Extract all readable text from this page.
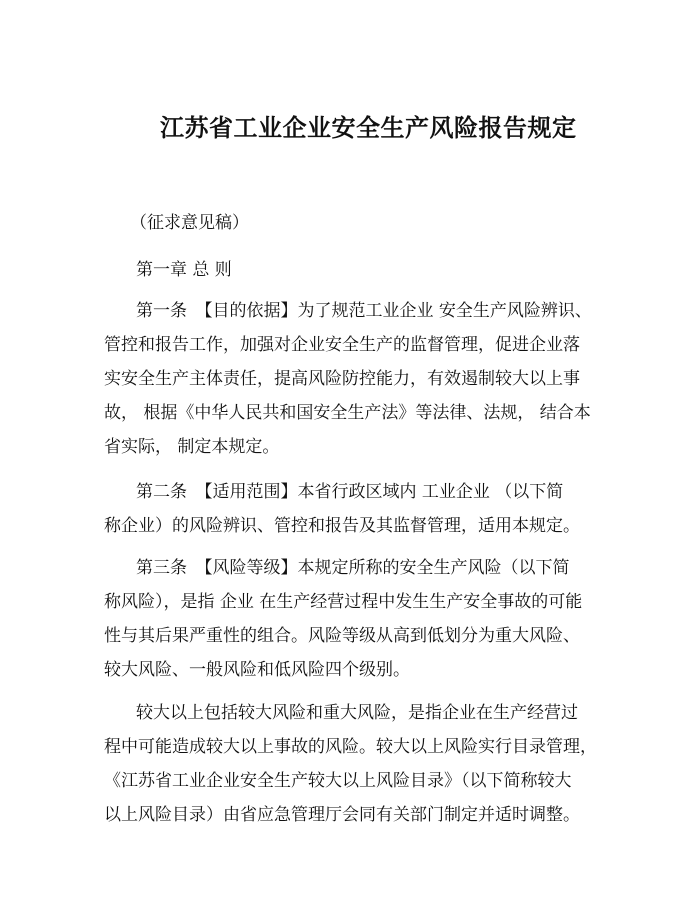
江苏省工业企业安全生产风险报告规定
（征求意见稿）
第一章 总 则
第一条　【目的依据】为了规范工业企业 安全生产风险辨识、
管控和报告工作，加强对企业安全生产的监督管理，促进企业落
实安全生产主体责任，提高风险防控能力，有效遏制较大以上事
故， 根据《中华人民共和国安全生产法》等法律、法规， 结合本
省实际， 制定本规定。
第二条　【适用范围】本省行政区域内 工业企业 （以下简
称企业）的风险辨识、管控和报告及其监督管理，适用本规定。
第三条　【风险等级】本规定所称的安全生产风险（以下简
称风险），是指 企业 在生产经营过程中发生生产安全事故的可能
性与其后果严重性的组合。风险等级从高到低划分为重大风险、
较大风险、一般风险和低风险四个级别。
较大以上包括较大风险和重大风险，是指企业在生产经营过
程中可能造成较大以上事故的风险。较大以上风险实行目录管理，
《江苏省工业企业安全生产较大以上风险目录》（以下简称较大
以上风险目录）由省应急管理厅会同有关部门制定并适时调整。
